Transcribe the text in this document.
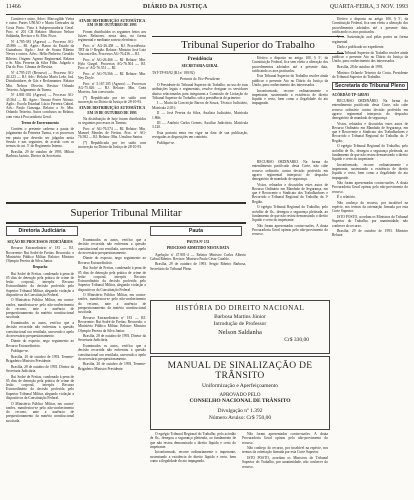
11466	DIÁRIO DA JUSTIÇA	QUARTA-FEIRA, 3 NOV. 1993

Contiero e outro. Adov.: Marcogildo Vieira e outro. Partes UNIÃO e Maria Gertrudes da Costa Pinto. Vista à Subprocuradoria Geral. Proc. nº 201 CR Relator: Ministro Nelson Saldanha, Revisor o Sr. Min. Fisco.

Nº 4.785-381 (Agravo) — Processo AG-45.886 — RJ. Agrte.: Banco do Estado da Guanabara. Agdo.: José de Souza Ribeiro Neves e outros. Advs.: Hélio Pinheiro, Geraldo Ribeiro. Origem: Agravo Regimental. Relator o Sr. Min. Ferreira da Silva Filho. Julgado o Dia do Proc. Câmara de Revista.

Nº 4.795-215 (Recurso) — Processo AG-44.123 — RJ. Adv.: Heloísa Maria Leão, Ind. Distribuidores de Gás e Reclamantes. Relator Min. Nelson Oliveira. Revisor Orlando Teixeira. Julgamento da Turma.

Nº 4.881-392 (Agravo) — Processo AG-45.564 — RJ. Agrte.: Vanusa Ferrer Afonso. Agdo.: Escola Estadual Lúcio Ferreira Cabral. Adv.: Paulo Gonzaga. Relator o Sr. Min. Orlando Teixeira. Autos conclusos ao Relator, com vista à Procuradoria Geral.

Termo de Encerramento

Contém o presente caderno a pauta de julgamento da Primeira Turma, e os processos em pauta que deverão ser julgados nesta Sessão e nas seguintes, de acordo com os termos do art. 3º do Regimento Interno.

Brasília, 29 de outubro de 1993. Milton Barbosa Jacinto, Diretor da Secretaria.

ATA DE DISTRIBUIÇÃO AUTOMÁTICA EM 19 DE OUTUBRO DE 1993

Foram distribuídos os seguintes feitos aos Juízes Relatores, nesta data, na forma regimental e mediante sorteio eletrônico:

Proc. nº AG-26.458 — RJ. Procedência: TRT da 1ª Região. Relator: Ministro José Luiz Vasconcellos. Processos AG-76.436 — RJ.

Proc. nº AG-26.466 — RJ. Relator: Min. Hylo Gurgel. Processos AG-76.504 — RJ. Proc. nº AG-76.551 — RJ.

Proc. nº AG-76.566 — RJ. Relator: Min. Ney Doyle.

Proc. nº 3.167.105 (Agravo) — Processos AG-75.026 — RJ. Relator: Min. Cnéa Moreira. Juiz convocado.

(*) Republicada por ter saído com incorreção no Diário da Justiça de 28-10-93.

ATA DE DISTRIBUIÇÃO AUTOMÁTICA EM 19 DE OUTUBRO DE 1993

Na distribuição de hoje foram distribuídos os seguintes processos às Turmas:

Proc. nº AG-76.574 — RJ. Relator: Min. Manoel Mendes de Freitas. Proc. nº AG-76.582 — RJ. Relator: Min. Ursulino Santos.

(*) Republicada por ter saído com incorreção no Diário da Justiça de 28-10-93.

Tribunal Superior do Trabalho

Presidência

SECRETARIA GERAL

TST-TP-83/92 (RJ nº 189/92)

Portaria do Vice-Presidente

O Presidente do Tribunal Superior do Trabalho, no uso de suas atribuições legais e regimentais, resolve designar os servidores abaixo relacionados para integrarem a Comissão de Licitação do Tribunal Superior do Trabalho, sob a presidência do primeiro:

I — Maria da Conceição Barros de Souza, Técnico Judiciário, Matrícula 2.051;

II — José Pereira da Silva, Analista Judiciário, Matrícula 1.866;

III — Antônio Carlos Gomes, Auxiliar Judiciário, Matrícula 3.120.

Esta portaria entra em vigor na data de sua publicação, revogadas as disposições em contrário.

Publique-se.

Efetivo o disposto no artigo 100, § 5º, da Constituição Federal, fica sem efeito a alteração dos procedimentos adotados até a presente data, ratificando os atos praticados.

V — Sustentação oral pelas partes na forma regimental.

Dado e publicado no expediente.

Este Tribunal Superior do Trabalho resolve ainda publicar o presente Ato no Diário da Justiça da União, para conhecimento dos interessados.

Brasília, 28 de outubro de 1993.

Ministro Orlando Teixeira da Costa, Presidente do Tribunal Superior do Trabalho.

Secretaria do Tribunal Pleno

ACÓRDÃO TP-1485/93

RECURSO ORDINÁRIO. Na forma do entendimento pacificado desta Corte, não cabe recurso ordinário contra decisão proferida em agravo regimental interposto de despacho denegatório de mandado de segurança.

Vistos, relatados e discutidos estes autos de Recurso Ordinário em Mandado de Segurança, em que é Recorrente o Sindicato dos Trabalhadores e Recorrido o Tribunal Regional do Trabalho da 1ª Região.

O egrégio Tribunal Regional do Trabalho, pelo acórdão de fls., denegou a segurança pleiteada, ao fundamento de que não restou demonstrado o direito líquido e certo do impetrante.

Inconformado, recorre ordinariamente o impetrante, sustentando a existência de direito líquido e certo, bem como a ilegalidade do ato impugnado.

Não foram apresentadas contra-razões. A douta Procuradoria Geral opinou pelo não-provimento do recurso.

É o relatório.

Não conheço do recurso, por incabível na espécie, nos termos da orientação firmada por esta Corte Superior.

ISTO POSTO, acordam os Ministros do Tribunal Superior do Trabalho, por unanimidade, não conhecer do recurso.

Brasília, 29 de outubro de 1993. Ministro Relator.

Efetivo o disposto no artigo 100, § 5º, da Constituição Federal, fica sem efeito a alteração dos procedimentos adotados até a presente data, ratificando os atos praticados.

Este Tribunal Superior do Trabalho resolve ainda publicar o presente Ato no Diário da Justiça da União, para conhecimento dos interessados.

Inconformado, recorre ordinariamente o impetrante, sustentando a existência de direito líquido e certo, bem como a ilegalidade do ato impugnado.

Superior Tribunal Militar
Diretoria Judiciária	Pauta

SEÇÃO DE PROCESSOS JUDICIÁRIOS

Recurso Extraordinário nº 181 — RJ. Recorrente: Rui Sodré de Freitas. Recorrido: o Ministério Público Militar. Relator: Ministro Olympio Pereira da Silva Junior.

Despacho

Rui Sodré de Freitas, condenado à pena de 05 dias de detenção pela prática de crime de lesão corporal, interpôs Recurso Extraordinário da decisão proferida pelo Superior Tribunal Militar, alegando violação a dispositivos da Constituição Federal.

O Ministério Público Militar, em contra-razões, manifestou-se pelo não-conhecimento do recurso, ante a ausência de prequestionamento da matéria constitucional suscitada.

Examinados os autos, verifico que a decisão recorrida não enfrentou a questão constitucional ora ventilada, carecendo o apelo do necessário prequestionamento.

Diante do exposto, nego seguimento ao Recurso Extraordinário.

Publique-se.

Brasília, 20 de outubro de 1993. Tenente-Brigadeiro Ministro Presidente.

Brasília, 28 de outubro de 1993. Diretor da Secretaria Judiciária.

Rui Sodré de Freitas, condenado à pena de 05 dias de detenção pela prática de crime de lesão corporal, interpôs Recurso Extraordinário da decisão proferida pelo Superior Tribunal Militar, alegando violação a dispositivos da Constituição Federal.

O Ministério Público Militar, em contra-razões, manifestou-se pelo não-conhecimento do recurso, ante a ausência de prequestionamento da matéria constitucional suscitada.

Examinados os autos, verifico que a decisão recorrida não enfrentou a questão constitucional ora ventilada, carecendo o apelo do necessário prequestionamento.

Diante do exposto, nego seguimento ao Recurso Extraordinário.

Rui Sodré de Freitas, condenado à pena de 05 dias de detenção pela prática de crime de lesão corporal, interpôs Recurso Extraordinário da decisão proferida pelo Superior Tribunal Militar, alegando violação a dispositivos da Constituição Federal.

O Ministério Público Militar, em contra-razões, manifestou-se pelo não-conhecimento do recurso, ante a ausência de prequestionamento da matéria constitucional suscitada.

Recurso Extraordinário nº 181 — RJ. Recorrente: Rui Sodré de Freitas. Recorrido: o Ministério Público Militar. Relator: Ministro Olympio Pereira da Silva Junior.

Brasília, 28 de outubro de 1993. Diretor da Secretaria Judiciária.

Examinados os autos, verifico que a decisão recorrida não enfrentou a questão constitucional ora ventilada, carecendo o apelo do necessário prequestionamento.

Brasília, 20 de outubro de 1993. Tenente-Brigadeiro Ministro Presidente.

PAUTA Nº 131

PROCESSO ADMITIDO NESTA DATA

Apelação nº 47.801-4 — Relator Ministro Carlos Alberto Cabral Ribeiro. Revisor: Ministro Paulo César Cataldo.

Brasília, 29 de outubro de 1993. Sergio Ribeiro Barbosa, Secretário do Tribunal Pleno.

HISTÓRIA DO DIREITO NACIONAL
Barbosa Martins Júnior
Introdução de Professor
Nelson Saldanha
Cr$ 330,00
MANUAL DE SINALIZAÇÃO DE TRÂNSITO
Uniformização e Aperfeiçoamento
APROVADO PELO
CONSELHO NACIONAL DE TRÂNSITO
Divulgação nº 1.392
Número Avulso: Cr$ 750,00

O egrégio Tribunal Regional do Trabalho, pelo acórdão de fls., denegou a segurança pleiteada, ao fundamento de que não restou demonstrado o direito líquido e certo do impetrante.

Inconformado, recorre ordinariamente o impetrante, sustentando a existência de direito líquido e certo, bem como a ilegalidade do ato impugnado.

Não foram apresentadas contra-razões. A douta Procuradoria Geral opinou pelo não-provimento do recurso.

Não conheço do recurso, por incabível na espécie, nos termos da orientação firmada por esta Corte Superior.

ISTO POSTO, acordam os Ministros do Tribunal Superior do Trabalho, por unanimidade, não conhecer do recurso.

RECURSO ORDINÁRIO. Na forma do entendimento pacificado desta Corte, não cabe recurso ordinário contra decisão proferida em agravo regimental interposto de despacho denegatório de mandado de segurança.

Vistos, relatados e discutidos estes autos de Recurso Ordinário em Mandado de Segurança, em que é Recorrente o Sindicato dos Trabalhadores e Recorrido o Tribunal Regional do Trabalho da 1ª Região.

O egrégio Tribunal Regional do Trabalho, pelo acórdão de fls., denegou a segurança pleiteada, ao fundamento de que não restou demonstrado o direito líquido e certo do impetrante.

Não foram apresentadas contra-razões. A douta Procuradoria Geral opinou pelo não-provimento do recurso.
